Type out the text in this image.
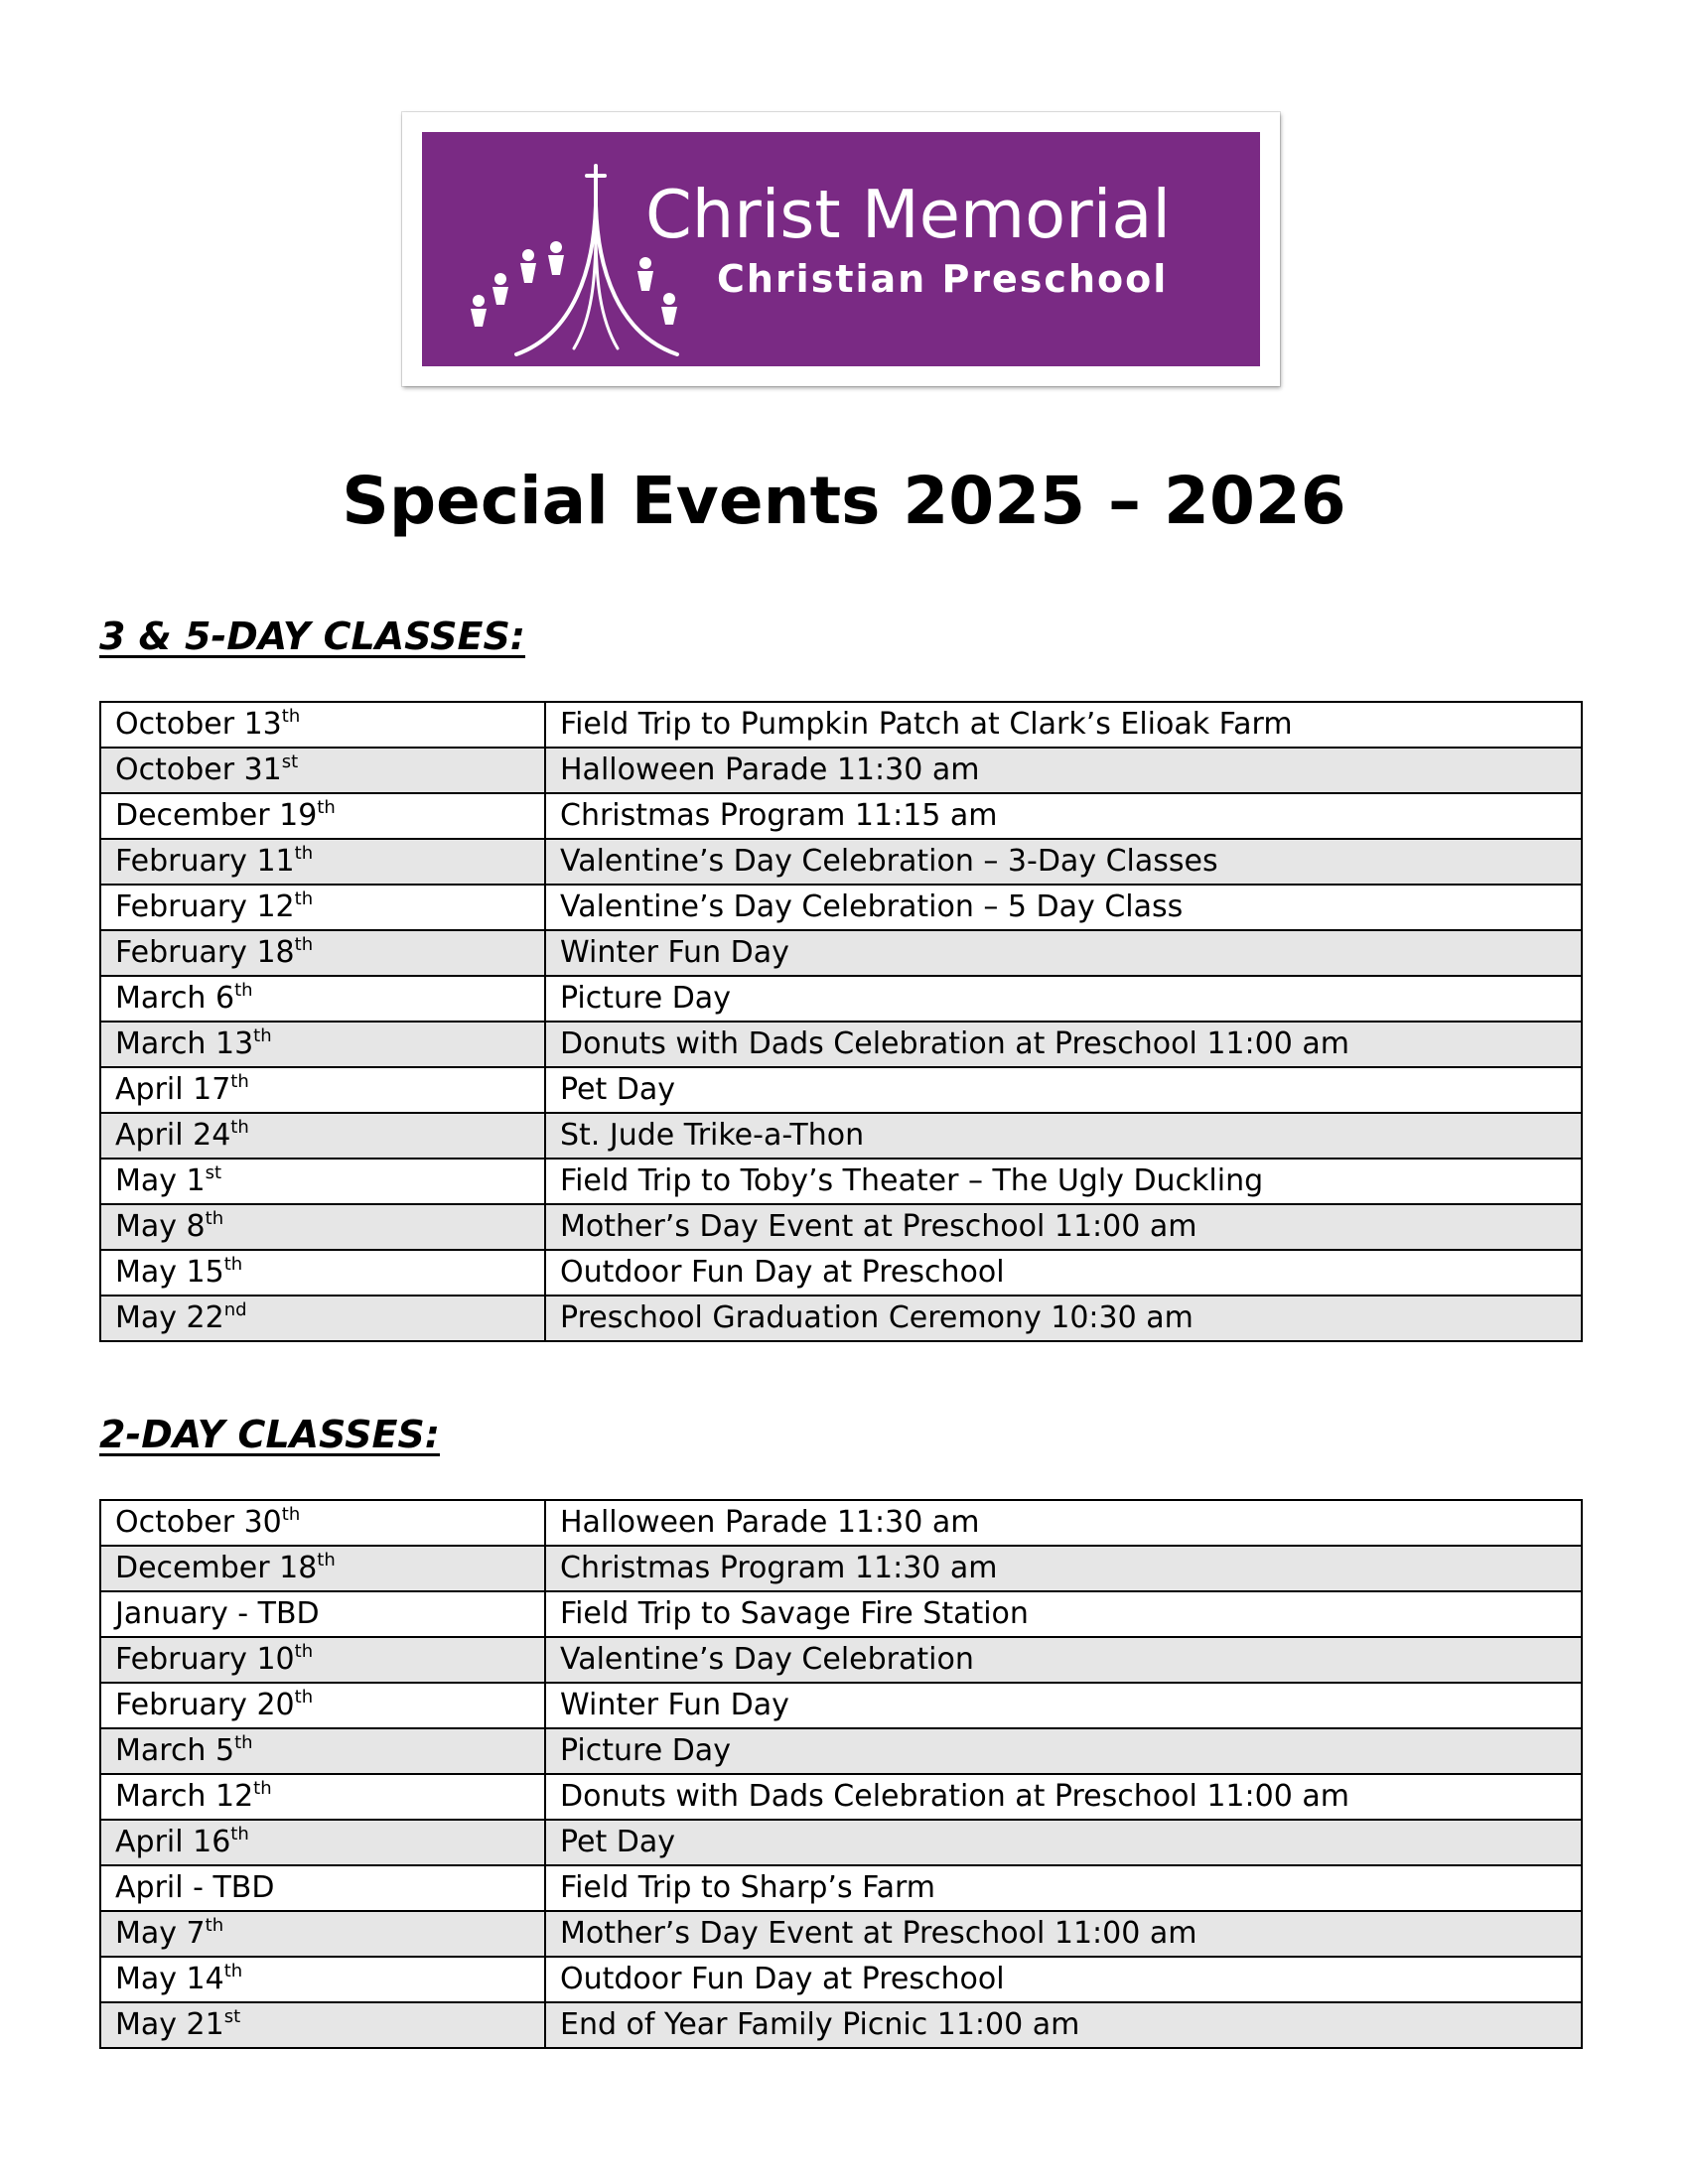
Christ Memorial
Christian Preschool
Special Events 2025 – 2026
3 & 5-DAY CLASSES:
October 13th	Field Trip to Pumpkin Patch at Clark’s Elioak Farm
October 31st	Halloween Parade 11:30 am
December 19th	Christmas Program 11:15 am
February 11th	Valentine’s Day Celebration – 3-Day Classes
February 12th	Valentine’s Day Celebration – 5 Day Class
February 18th	Winter Fun Day
March 6th	Picture Day
March 13th	Donuts with Dads Celebration at Preschool 11:00 am
April 17th	Pet Day
April 24th	St. Jude Trike-a-Thon
May 1st	Field Trip to Toby’s Theater – The Ugly Duckling
May 8th	Mother’s Day Event at Preschool 11:00 am
May 15th	Outdoor Fun Day at Preschool
May 22nd	Preschool Graduation Ceremony 10:30 am
2-DAY CLASSES:
October 30th	Halloween Parade 11:30 am
December 18th	Christmas Program 11:30 am
January - TBD	Field Trip to Savage Fire Station
February 10th	Valentine’s Day Celebration
February 20th	Winter Fun Day
March 5th	Picture Day
March 12th	Donuts with Dads Celebration at Preschool 11:00 am
April 16th	Pet Day
April - TBD	Field Trip to Sharp’s Farm
May 7th	Mother’s Day Event at Preschool 11:00 am
May 14th	Outdoor Fun Day at Preschool
May 21st	End of Year Family Picnic 11:00 am
